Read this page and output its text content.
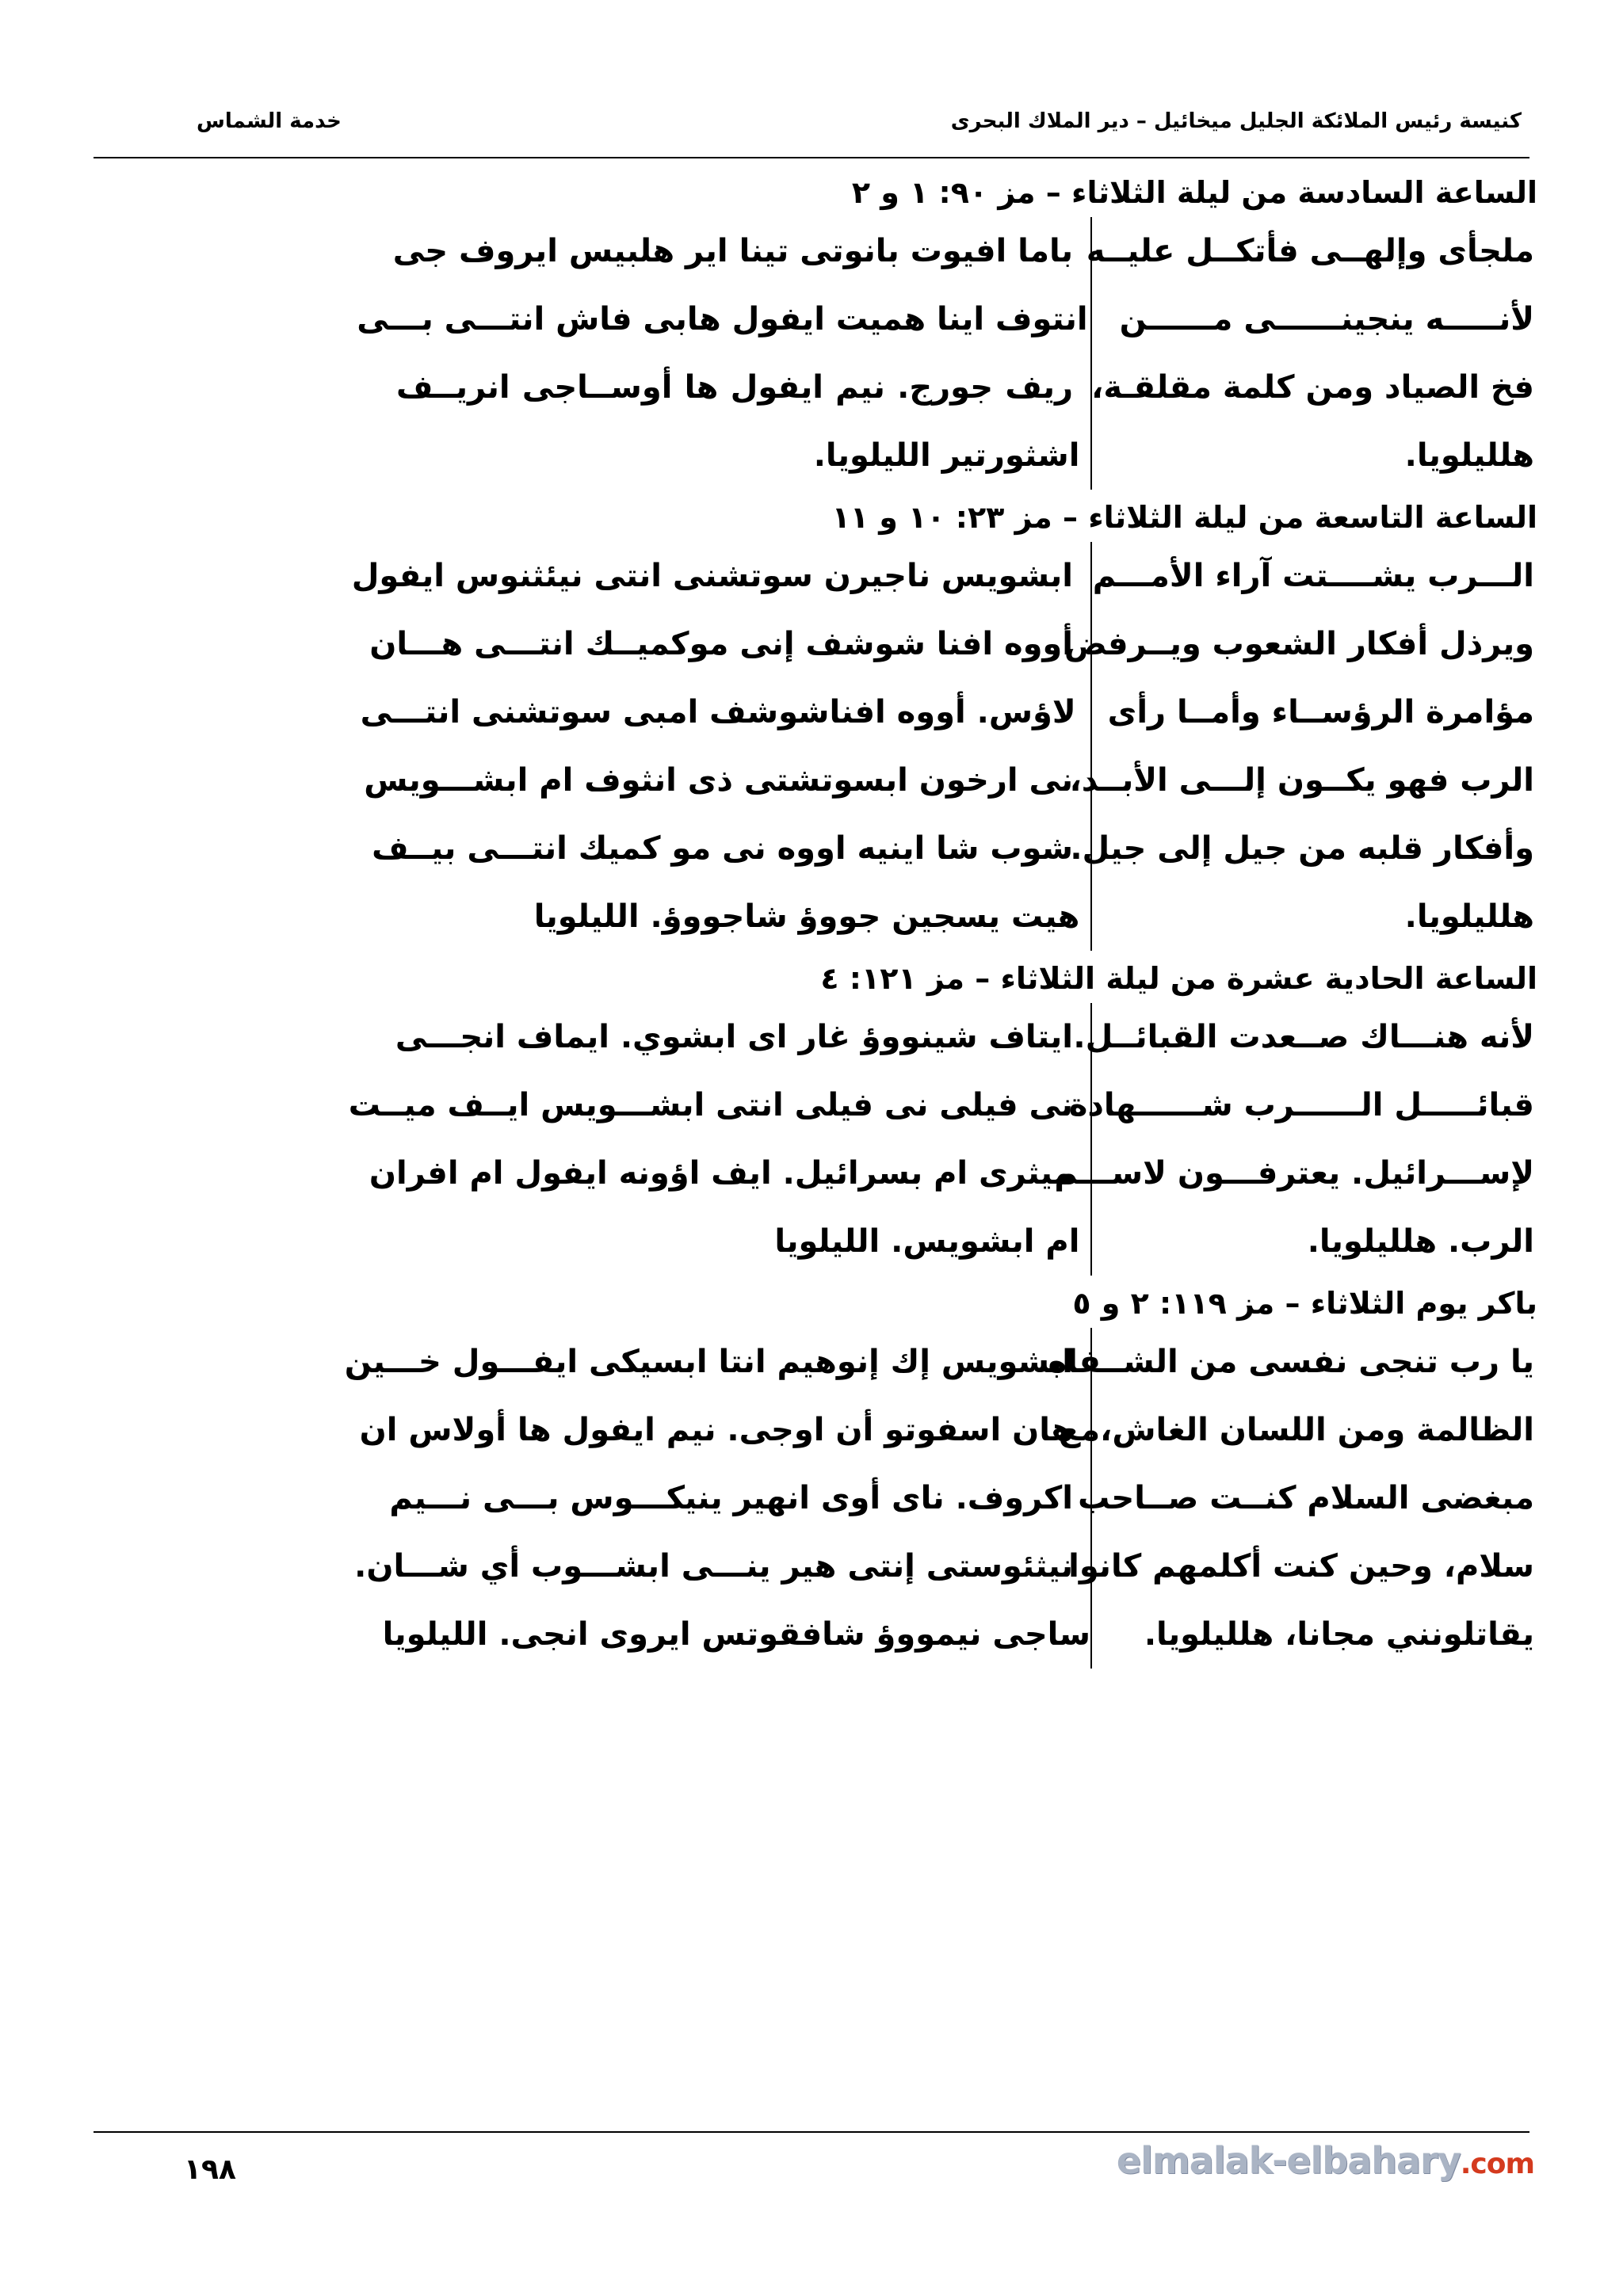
كنيسة رئيس الملائكة الجليل ميخائيل – دير الملاك البحرى
خدمة الشماس
الساعة السادسة من ليلة الثلاثاء – مز ٩٠: ١ و ٢
ملجأى وإلهــى فأتكــل عليــه
باما افيوت بانوتى تينا اير هلبيس ايروف جى
لأنـــــه ينجينــــــى مــــــن
انتوف اينا هميت ايفول هابى فاش انتـــى بـــى
فخ الصياد ومن كلمة مقلقـة،
ريف جورج. نيم ايفول ها أوســاجى انريــف
هلليلويا.
اشثورتير الليلويا.
الساعة التاسعة من ليلة الثلاثاء – مز ٢٣: ١٠ و ١١
الـــرب يشــــتت آراء الأمـــم
ابشويس ناجيرن سوتشنى انتى نيئثنوس ايفول
ويرذل أفكار الشعوب ويــرفض
أووه افنا شوشف إنى موكميــك انتـــى هـــان
مؤامرة الرؤســاء وأمــا رأى
لاؤس. أووه افناشوشف امبى سوتشنى انتـــى
الرب فهو يكــون إلـــى الأبــد،
نى ارخون ابسوتشتى ذى انثوف ام ابشـــويس
وأفكار قلبه من جيل إلى جيل.
شوب شا اينيه اووه نى مو كميك انتـــى بيــف
هلليلويا.
هيت يسجين جووؤ شاجووؤ. الليلويا
الساعة الحادية عشرة من ليلة الثلاثاء – مز ١٢١: ٤
لأنه هنـــاك صــعدت القبائــل.
ايتاف شينووؤ غار اى ابشوي. ايماف انجـــى
قبائـــــل الــــــرب شــــــهادة
نى فيلى نى فيلى انتى ابشـــويس ايــف ميــت
لإســـرائيل. يعترفـــون لاســـم
ميثرى ام بسرائيل. ايف اؤونه ايفول ام افران
الرب. هلليلويا.
ام ابشويس. الليلويا
باكر يوم الثلاثاء – مز ١١٩: ٢ و ٥
يا رب تنجى نفسى من الشــفاه
ابشويس إك إنوهيم انتا ابسيكى ايفـــول خـــين
الظالمة ومن اللسان الغاش،مع
هان اسفوتو أن اوجى. نيم ايفول ها أولاس ان
مبغضى السلام كنــت صــاحب
اكروف. ناى أوى انهير ينيكـــوس بـــى نـــيم
سلام، وحين كنت أكلمهم كانوا
نيثئوستى إنتى هير ينـــى ابشـــوب أي شـــان.
يقاتلونني مجانا، هلليلويا.
ساجى نيمووؤ شافقوتس ايروى انجى. الليلويا
١٩٨	elmalak-elbahary.com
